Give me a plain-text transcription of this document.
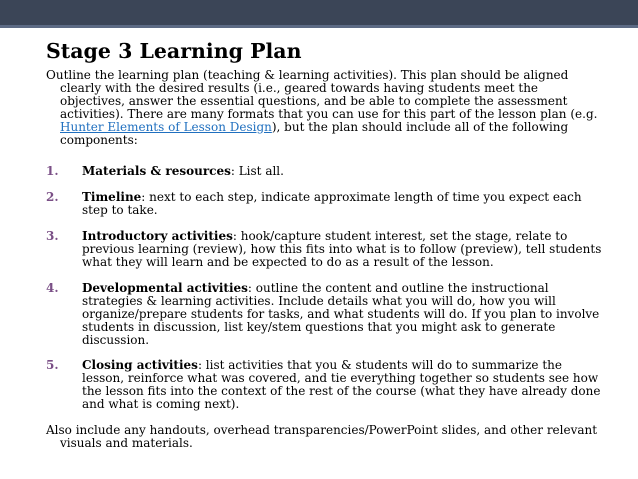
Stage 3 Learning Plan

Outline the learning plan (teaching & learning activities). This plan should be aligned clearly with the desired results (i.e., geared towards having students meet the objectives, answer the essential questions, and be able to complete the assessment activities). There are many formats that you can use for this part of the lesson plan (e.g. Hunter Elements of Lesson Design), but the plan should include all of the following components:

1. Materials & resources: List all.
2. Timeline: next to each step, indicate approximate length of time you expect each step to take.
3. Introductory activities: hook/capture student interest, set the stage, relate to previous learning (review), how this fits into what is to follow (preview), tell students what they will learn and be expected to do as a result of the lesson.
4. Developmental activities: outline the content and outline the instructional strategies & learning activities. Include details what you will do, how you will organize/prepare students for tasks, and what students will do. If you plan to involve students in discussion, list key/stem questions that you might ask to generate discussion.
5. Closing activities: list activities that you & students will do to summarize the lesson, reinforce what was covered, and tie everything together so students see how the lesson fits into the context of the rest of the course (what they have already done and what is coming next).

Also include any handouts, overhead transparencies/PowerPoint slides, and other relevant visuals and materials.
